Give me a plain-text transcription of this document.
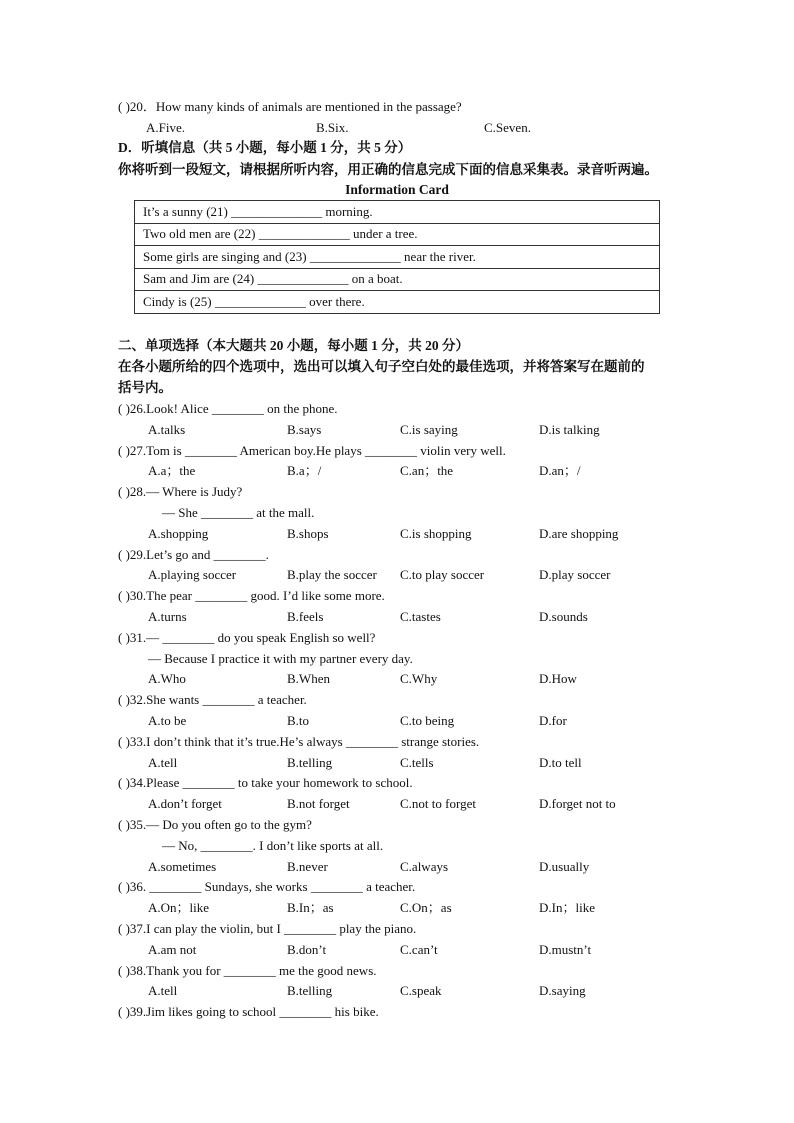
( )20．How many kinds of animals are mentioned in the passage?
A.Five.	B.Six.	C.Seven.
D．听填信息（共 5 小题，每小题 1 分，共 5 分）
你将听到一段短文，请根据所听内容，用正确的信息完成下面的信息采集表。录音听两遍。
Information Card
It’s a sunny (21) ______________ morning.
Two old men are (22) ______________ under a tree.
Some girls are singing and (23) ______________ near the river.
Sam and Jim are (24) ______________ on a boat.
Cindy is (25) ______________ over there.
二、单项选择（本大题共 20 小题，每小题 1 分，共 20 分）
在各小题所给的四个选项中，选出可以填入句子空白处的最佳选项，并将答案写在题前的
括号内。
( )26.Look! Alice ________ on the phone.
A.talks	B.says	C.is saying	D.is talking
( )27.Tom is ________ American boy.He plays ________ violin very well.
A.a；the	B.a；/	C.an；the	D.an；/
( )28.— Where is Judy?
— She ________ at the mall.
A.shopping	B.shops	C.is shopping	D.are shopping
( )29.Let’s go and ________.
A.playing soccer	B.play the soccer C.to play soccer	D.play soccer
( )30.The pear ________ good. I’d like some more.
A.turns	B.feels	C.tastes	D.sounds
( )31.— ________ do you speak English so well?
— Because I practice it with my partner every day.
A.Who	B.When	C.Why	D.How
( )32.She wants ________ a teacher.
A.to be	B.to	C.to being	D.for
( )33.I don’t think that it’s true.He’s always ________ strange stories.
A.tell	B.telling	C.tells	D.to tell
( )34.Please ________ to take your homework to school.
A.don’t forget	B.not forget	C.not to forget	D.forget not to
( )35.— Do you often go to the gym?
— No, ________. I don’t like sports at all.
A.sometimes	B.never	C.always	D.usually
( )36. ________ Sundays, she works ________ a teacher.
A.On；like	B.In；as	C.On；as	D.In；like
( )37.I can play the violin, but I ________ play the piano.
A.am not	B.don’t	C.can’t	D.mustn’t
( )38.Thank you for ________ me the good news.
A.tell	B.telling	C.speak	D.saying
( )39.Jim likes going to school ________ his bike.
